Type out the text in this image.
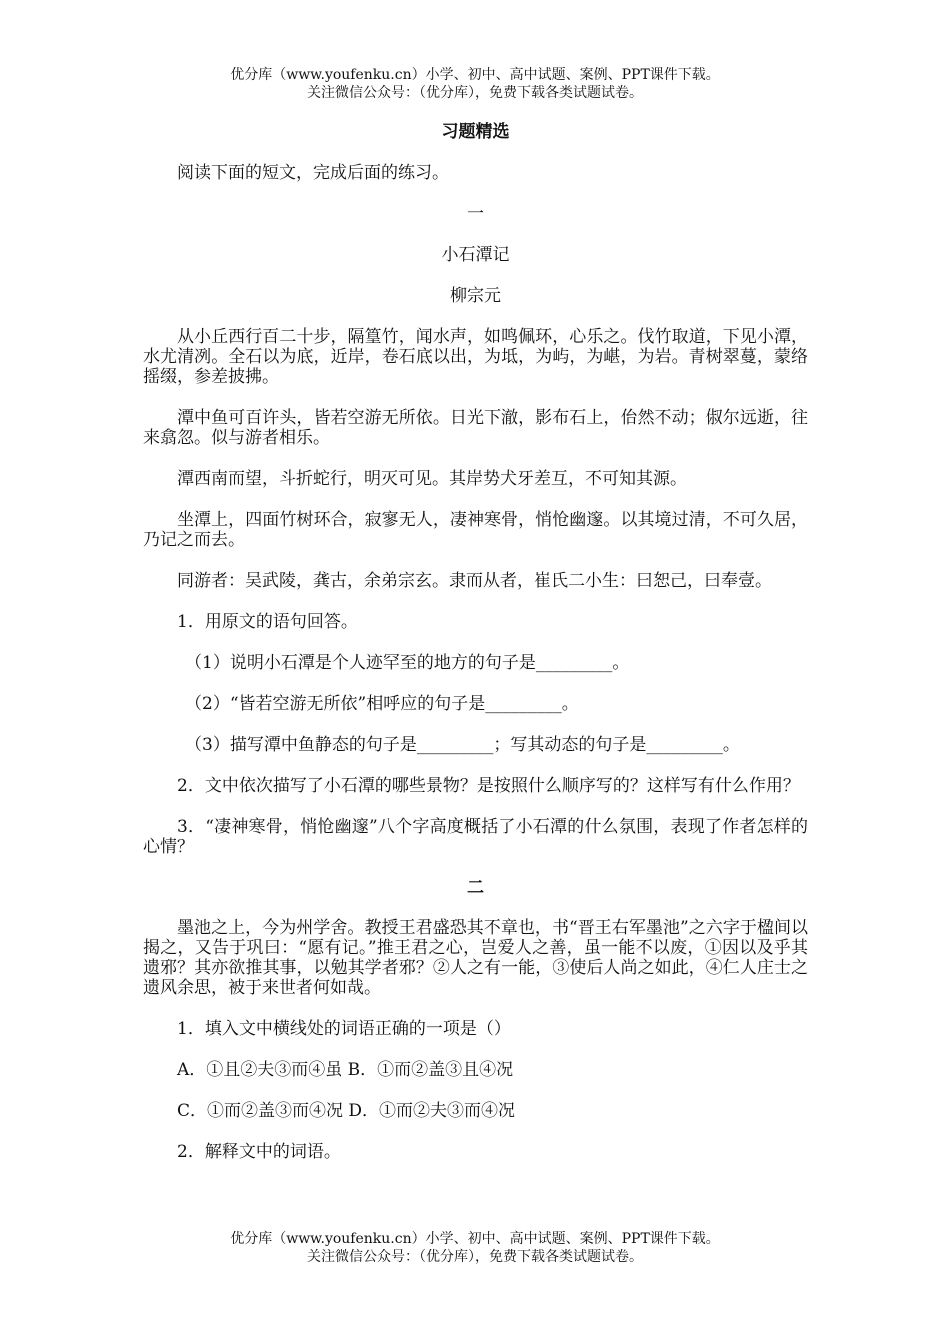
优分库（www.youfenku.cn）小学、初中、高中试题、案例、PPT课件下载。
关注微信公众号：（优分库），免费下载各类试题试卷。
习题精选

阅读下面的短文，完成后面的练习。

一
小石潭记
柳宗元

从小丘西行百二十步，隔篁竹，闻水声，如鸣佩环，心乐之。伐竹取道，下见小潭，水尤清冽。全石以为底，近岸，卷石底以出，为坻，为屿，为嵁，为岩。青树翠蔓，蒙络摇缀，参差披拂。

潭中鱼可百许头，皆若空游无所依。日光下澈，影布石上，佁然不动；俶尔远逝，往来翕忽。似与游者相乐。

潭西南而望，斗折蛇行，明灭可见。其岸势犬牙差互，不可知其源。

坐潭上，四面竹树环合，寂寥无人，凄神寒骨，悄怆幽邃。以其境过清，不可久居，乃记之而去。

同游者：吴武陵，龚古，余弟宗玄。隶而从者，崔氏二小生：曰恕己，曰奉壹。

1．用原文的语句回答。

（1）说明小石潭是个人迹罕至的地方的句子是_________。

（2）“皆若空游无所依”相呼应的句子是_________。

（3）描写潭中鱼静态的句子是_________；写其动态的句子是_________。

2．文中依次描写了小石潭的哪些景物？是按照什么顺序写的？这样写有什么作用？

3．“凄神寒骨，悄怆幽邃”八个字高度概括了小石潭的什么氛围，表现了作者怎样的心情？

二

墨池之上，今为州学舍。教授王君盛恐其不章也，书“晋王右军墨池”之六字于楹间以揭之，又告于巩曰：“愿有记。”推王君之心，岂爱人之善，虽一能不以废，①因以及乎其遗邪？其亦欲推其事，以勉其学者邪？②人之有一能，③使后人尚之如此，④仁人庄士之遗风余思，被于来世者何如哉。

1．填入文中横线处的词语正确的一项是（）

A．①且②夫③而④虽 B．①而②盖③且④况

C．①而②盖③而④况 D．①而②夫③而④况

2．解释文中的词语。

优分库（www.youfenku.cn）小学、初中、高中试题、案例、PPT课件下载。
关注微信公众号：（优分库），免费下载各类试题试卷。
